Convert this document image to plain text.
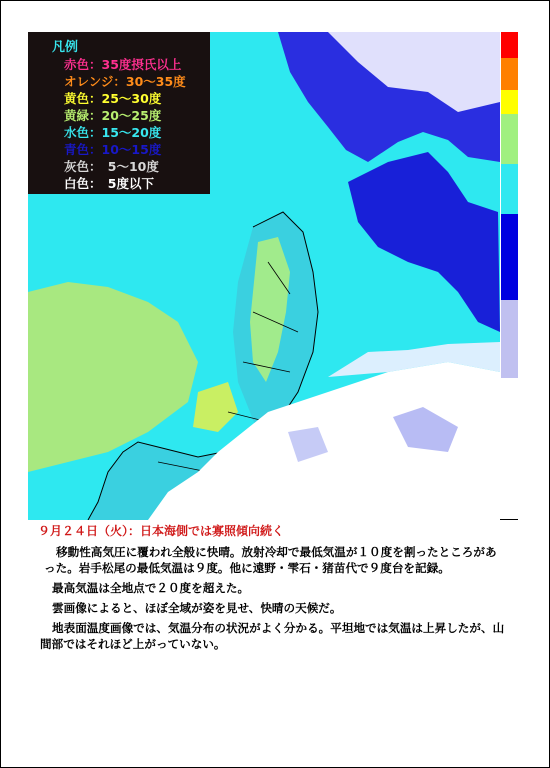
凡例
赤色：35度摂氏以上
オレンジ：30～35度
黄色：25～30度
黄緑：20～25度
水色：15～20度
青色：10～15度
灰色：　5～10度
白色：　5度以下
９月２４日（火）：日本海側では寡照傾向続く

移動性高気圧に覆われ全般に快晴。放射冷却で最低気温が１０度を割ったところがあった。岩手松尾の最低気温は９度。他に遠野・雫石・猪苗代で９度台を記録。

最高気温は全地点で２０度を超えた。

雲画像によると、ほぼ全域が姿を見せ、快晴の天候だ。

地表面温度画像では、気温分布の状況がよく分かる。平坦地では気温は上昇したが、山間部ではそれほど上がっていない。
